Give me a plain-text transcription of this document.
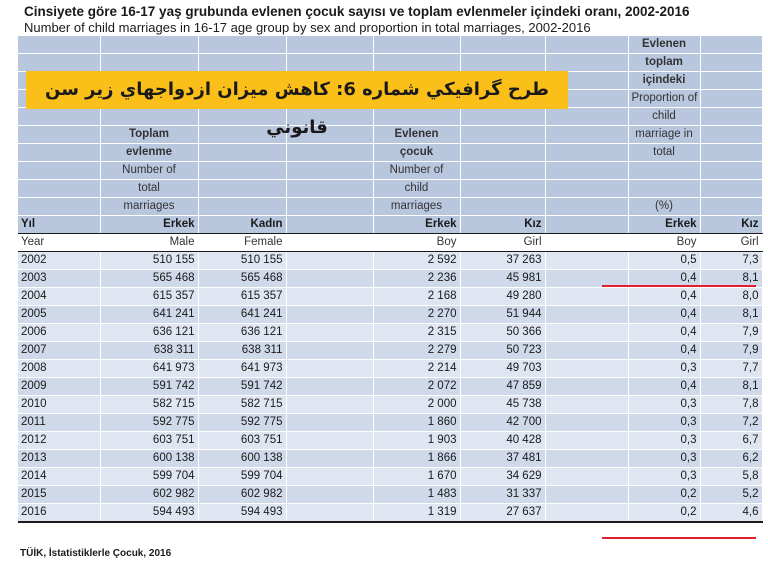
Cinsiyete göre 16-17 yaş grubunda evlenen çocuk sayısı ve toplam evlenmeler içindeki oranı, 2002-2016
Number of child marriages in 16-17 age group by sex and proportion in total marriages, 2002-2016
							Evlenen	
							toplam	
							içindeki	
							Proportion of	
							child	
	Toplam			Evlenen			marriage in	
	evlenme			çocuk			total	
	Number of			Number of				
	total			child				
	marriages			marriages			(%)	
Yıl	Erkek	Kadın		Erkek	Kız		Erkek	Kız
Year	Male	Female		Boy	Girl		Boy	Girl
2002	510 155	510 155		2 592	37 263		0,5	7,3
2003	565 468	565 468		2 236	45 981		0,4	8,1
2004	615 357	615 357		2 168	49 280		0,4	8,0
2005	641 241	641 241		2 270	51 944		0,4	8,1
2006	636 121	636 121		2 315	50 366		0,4	7,9
2007	638 311	638 311		2 279	50 723		0,4	7,9
2008	641 973	641 973		2 214	49 703		0,3	7,7
2009	591 742	591 742		2 072	47 859		0,4	8,1
2010	582 715	582 715		2 000	45 738		0,3	7,8
2011	592 775	592 775		1 860	42 700		0,3	7,2
2012	603 751	603 751		1 903	40 428		0,3	6,7
2013	600 138	600 138		1 866	37 481		0,3	6,2
2014	599 704	599 704		1 670	34 629		0,3	5,8
2015	602 982	602 982		1 483	31 337		0,2	5,2
2016	594 493	594 493		1 319	27 637		0,2	4,6
طرح گرافيكي شماره 6: كاهش ميزان ازدواجهاي زير سن قانوني
TÜİK, İstatistiklerle Çocuk, 2016
